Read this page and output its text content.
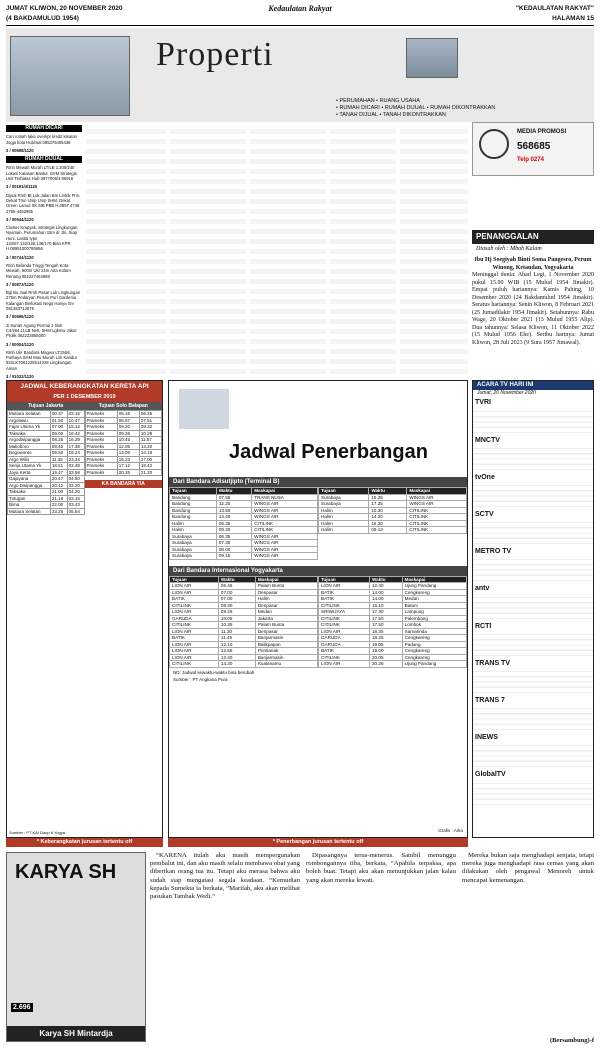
JUMAT KLIWON, 20 NOVEMBER 2020
(4 BAKDAMULUD 1954)
Kedaulatan Rakyat	"KEDAULATAN RAKYAT"
HALAMAN 15
Properti
• PERUMAHAN • RUANG USAHA
• RUMAH DICARI • RUMAH DIJUAL • RUMAH DIKONTRAKKAN
• TANAH DIJUAL • TANAH DIKONTRAKKAN
RUMAH DICARI
Cari rumah take overkpr kredit kisaran Jogja kota Hub/wal 085376405438
3 / 00698/1120
RUMAH DIJUAL
Rmh Mewah Murah LT/LB 1.205/240 Lokasi Kalasan Bantul. SHM Strategis. Unit Terbatas Hub 0877005/3 86916
3 / 00191/4/1120
Dijual Rmh Bt Luk Jalan Bm Lintrik Prm. Dekat Tmn Ump Ump SHM. Dekat Green Lanud SK.MB PBB H.0857 4748 2755-4452955
3 / 00544/1120
Cluster Krapyak, Strategis Lingkungan Nyaman. Perumahan 15m dr Jln. Siap Huni. Lantai type 132/87,132/128,138/170 Bisa KPR H.08991000786666
4 / 00744/1120
Rmh Belanda Tinggi Tengah Kota Mewah, 900m Ukr 21m Ada Kolam Renang 082227464988
3 / 00873/1120
Bgl Bu Jual Rmh Pasar Luk Lingkungan 275m Pedaryan Perum Puri Gardenia Kalangan Berlokasi Nego Hanya Srv 081383712876
3 / 00695/1120
Ji Sunter Agung Permai 1 blok C4/264,Lt,LB Nett, SHM Lgkmw Jakut Prolik 082223565000
3 / 00004/1120
Rmh Ukr Bandara Magwo LT156m Purbaya SHM Mau Murah Lok Kandur 922LKT081228514328 Lingkungan Aman
3 / 01032/1120
MEDIA PROMOSI
568685
Telp 0274
PENANGGALAN
Diasuh oleh : Mbah Kalam

Ibu Hj Soegiyah Binti Soma Pangesro, Perum Winong, Ketandan, Yogyakarta

Meninggal dunia: Ahad Legi, 1 November 2020 pukul 15.00 WIB (15 Mulud 1954 Jimakir). Empat puluh hariannya: Kamis Pahing, 10 Desember 2020 (24 Bakdamulud 1954 Jimakir). Seratus hariannya: Senin Kliwon, 8 Februari 2021 (25 Jumadilakir 1954 Jimakir). Setahunnya: Rabu Wage, 20 Oktober 2021 (13 Mulud 1955 Alip). Dua tahunnya: Selasa Kliwon, 11 Oktober 2022 (15 Mulud 1956 Ehe). Seribu harinya: Jumat Kliwon, 28 Juli 2023 (9 Sura 1957 Jimawal).

JADWAL KEBERANGKATAN KERETA API
PER 1 DESEMBER 2019
Tujuan Jakarta
Mutiara Selatan	00.37	03.15
Argolawu	01.50	10.47
Fajar Utama Yk	07.00	15.12
Taksaka	09.00	16.42
Argodwipangga	08.25	16.29
Malioboro	08.45	17.38
Bogowonto	09.50	18.24
Argo Wilis	11.35	23.34
Senja Utama Yk	18.51	02.48
Jaya Kerta	19.47	03.58
Gajayana	20.47	04.50
Argo Dwipangga	20.42	03.20
Taksaka	21.00	04.20
Tutugan	21.18	03.15
Bima	22.00	03.43
Mutiara Selatan	23.25	05.54
Tujuan Solo Balapan
Prameks	05.15	06.25
Prameks	06.57	07.51
Prameks	09.20	09.32
Prameks	09.26	10.28
Prameks	10.45	11.57
Prameks	12.05	13.20
Prameks	13.06	14.18
Prameks	15.23	17.00
Prameks	17.12	18.42
Prameks	20.26	21.20
KA BANDARA YIA
Sumber : PT KAI Daop 6 Yogya
Jadwal Penerbangan
Dari Bandara Adisutjipto (Terminal B)
Tujuan	Waktu	Maskapai
Bandung	07.55	TRANS NUSA
Bandung	12.20	WINGS AIR
Bandung	13.50	WINGS AIR
Bandung	14.40	WINGS AIR
Halim	05.35	CITILINK
Halim	09.30	CITILINK
Surabaya	06.35	WINGS AIR
Surabaya	07.35	WINGS AIR
Surabaya	08.00	WINGS AIR
Surabaya	09.15	WINGS AIR
Tujuan	Waktu	Maskapai
Surabaya	15.25	WINGS AIR
Surabaya	17.35	WINGS AIR
Halim	10.30	CITILINK
Halim	14.20	CITILINK
Halim	16.30	CITILINK
Halim	09.13	CITILINK
Dari Bandara Internasional Yogyakarta
Tujuan	Waktu	Maskapai
LION AIR	06.45	Palam Bunta
LION AIR	07.00	Denpasar
BATIK	07.00	Halim
CITILINK	08.30	Denpasar
LION AIR	09.25	Medan
GARUDA	10.05	Jakarta
CITILINK	10.35	Palam Bunta
LION AIR	11.30	Denpasar
BATIK	11.45	Banjarmasin
LION AIR	12.10	Balikpapan
LION AIR	12.55	Pontianak
LION AIR	13.40	Banjarmasin
CITILINK	14.30	Kualanamu
Tujuan	Waktu	Maskapai
LION AIR	12.40	Ujung Pandang
BATIK	14.00	Cengkareng
BATIK	14.00	Medan
CITILINK	15.10	Batam
SRIWIJAYA	17.30	Lampung
CITILINK	17.50	Palembang
CITILINK	17.50	Lombok
LION AIR	18.35	Samarinda
GARUDA	18.25	Cengkareng
GARUDA	19.05	Padang
BATIK	19.00	Cengkareng
CITILINK	20.05	Cengkareng
LION AIR	20.25	Ujung Pandang
ND: Jadwal sewaktu-waktu bisa berubah
Sumber : PT Angkasa Pura
Grafis : Arko
ACARA TV HARI INI
Jumat, 20 November 2020
TVRI
MNCTV
tvOne
SCTV
METRO TV
antv
RCTI
TRANS TV
TRANS 7
INEWS
GlobalTV
* Keberangkatan jurusan tertentu off	* Penerbangan jurusan tertentu off
KARYA SH
2.696
Karya SH Mintardja

“KARENA itulah aku masih mempergunakan pembalut ini, dan aku masih selalu membawa obat yang diberikan orang tua itu. Tetapi aku merasa bahwa aku sudah siap mengatasi segala keadaan. “Kemudian kepada Sumekta ia berkata, “Marilah, aku akan melihat pasukan Tambak Wedi.”

Dipasangnya terus-menerus. Sambil menunggu rombongannya tiba, berkata, “Apabila terpaksa, apa boleh buat. Tetapi aku akan menunjukkan jalan kalau yang akan mereka lewati.

Mereka bukan saja menghadapi senjata, tetapi mereka juga menghadapi rasa cemas yang akan dilakukan oleh pengawal Menoreh untuk mencapai kemenangan.

(Bersambung)-f
